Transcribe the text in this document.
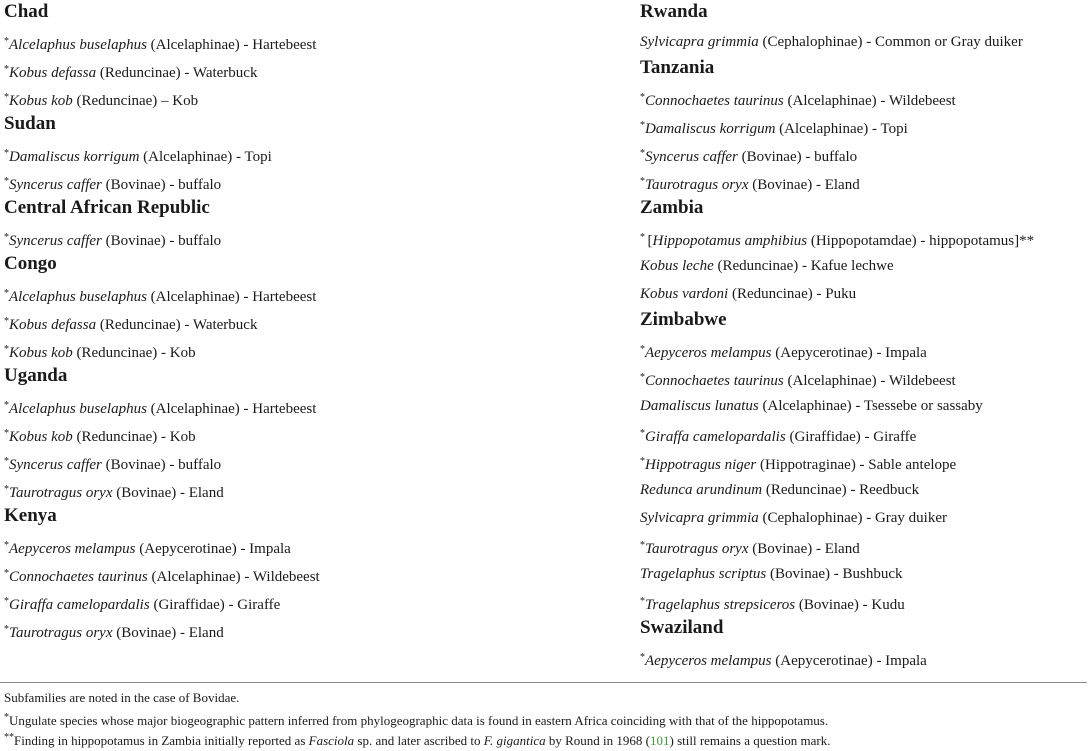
Chad
*Alcelaphus buselaphus (Alcelaphinae) - Hartebeest
*Kobus defassa (Reduncinae) - Waterbuck
*Kobus kob (Reduncinae) – Kob
Sudan
*Damaliscus korrigum (Alcelaphinae) - Topi
*Syncerus caffer (Bovinae) - buffalo
Central African Republic
*Syncerus caffer (Bovinae) - buffalo
Congo
*Alcelaphus buselaphus (Alcelaphinae) - Hartebeest
*Kobus defassa (Reduncinae) - Waterbuck
*Kobus kob (Reduncinae) - Kob
Uganda
*Alcelaphus buselaphus (Alcelaphinae) - Hartebeest
*Kobus kob (Reduncinae) - Kob
*Syncerus caffer (Bovinae) - buffalo
*Taurotragus oryx (Bovinae) - Eland
Kenya
*Aepyceros melampus (Aepycerotinae) - Impala
*Connochaetes taurinus (Alcelaphinae) - Wildebeest
*Giraffa camelopardalis (Giraffidae) - Giraffe
*Taurotragus oryx (Bovinae) - Eland
Rwanda
Sylvicapra grimmia (Cephalophinae) - Common or Gray duiker
Tanzania
*Connochaetes taurinus (Alcelaphinae) - Wildebeest
*Damaliscus korrigum (Alcelaphinae) - Topi
*Syncerus caffer (Bovinae) - buffalo
*Taurotragus oryx (Bovinae) - Eland
Zambia
* [Hippopotamus amphibius (Hippopotamdae) - hippopotamus]**
Kobus leche (Reduncinae) - Kafue lechwe
Kobus vardoni (Reduncinae) - Puku
Zimbabwe
*Aepyceros melampus (Aepycerotinae) - Impala
*Connochaetes taurinus (Alcelaphinae) - Wildebeest
Damaliscus lunatus (Alcelaphinae) - Tsessebe or sassaby
*Giraffa camelopardalis (Giraffidae) - Giraffe
*Hippotragus niger (Hippotraginae) - Sable antelope
Redunca arundinum (Reduncinae) - Reedbuck
Sylvicapra grimmia (Cephalophinae) - Gray duiker
*Taurotragus oryx (Bovinae) - Eland
Tragelaphus scriptus (Bovinae) - Bushbuck
*Tragelaphus strepsiceros (Bovinae) - Kudu
Swaziland
*Aepyceros melampus (Aepycerotinae) - Impala
Subfamilies are noted in the case of Bovidae.
*Ungulate species whose major biogeographic pattern inferred from phylogeographic data is found in eastern Africa coinciding with that of the hippopotamus.
**Finding in hippopotamus in Zambia initially reported as Fasciola sp. and later ascribed to F. gigantica by Round in 1968 (101) still remains a question mark.
